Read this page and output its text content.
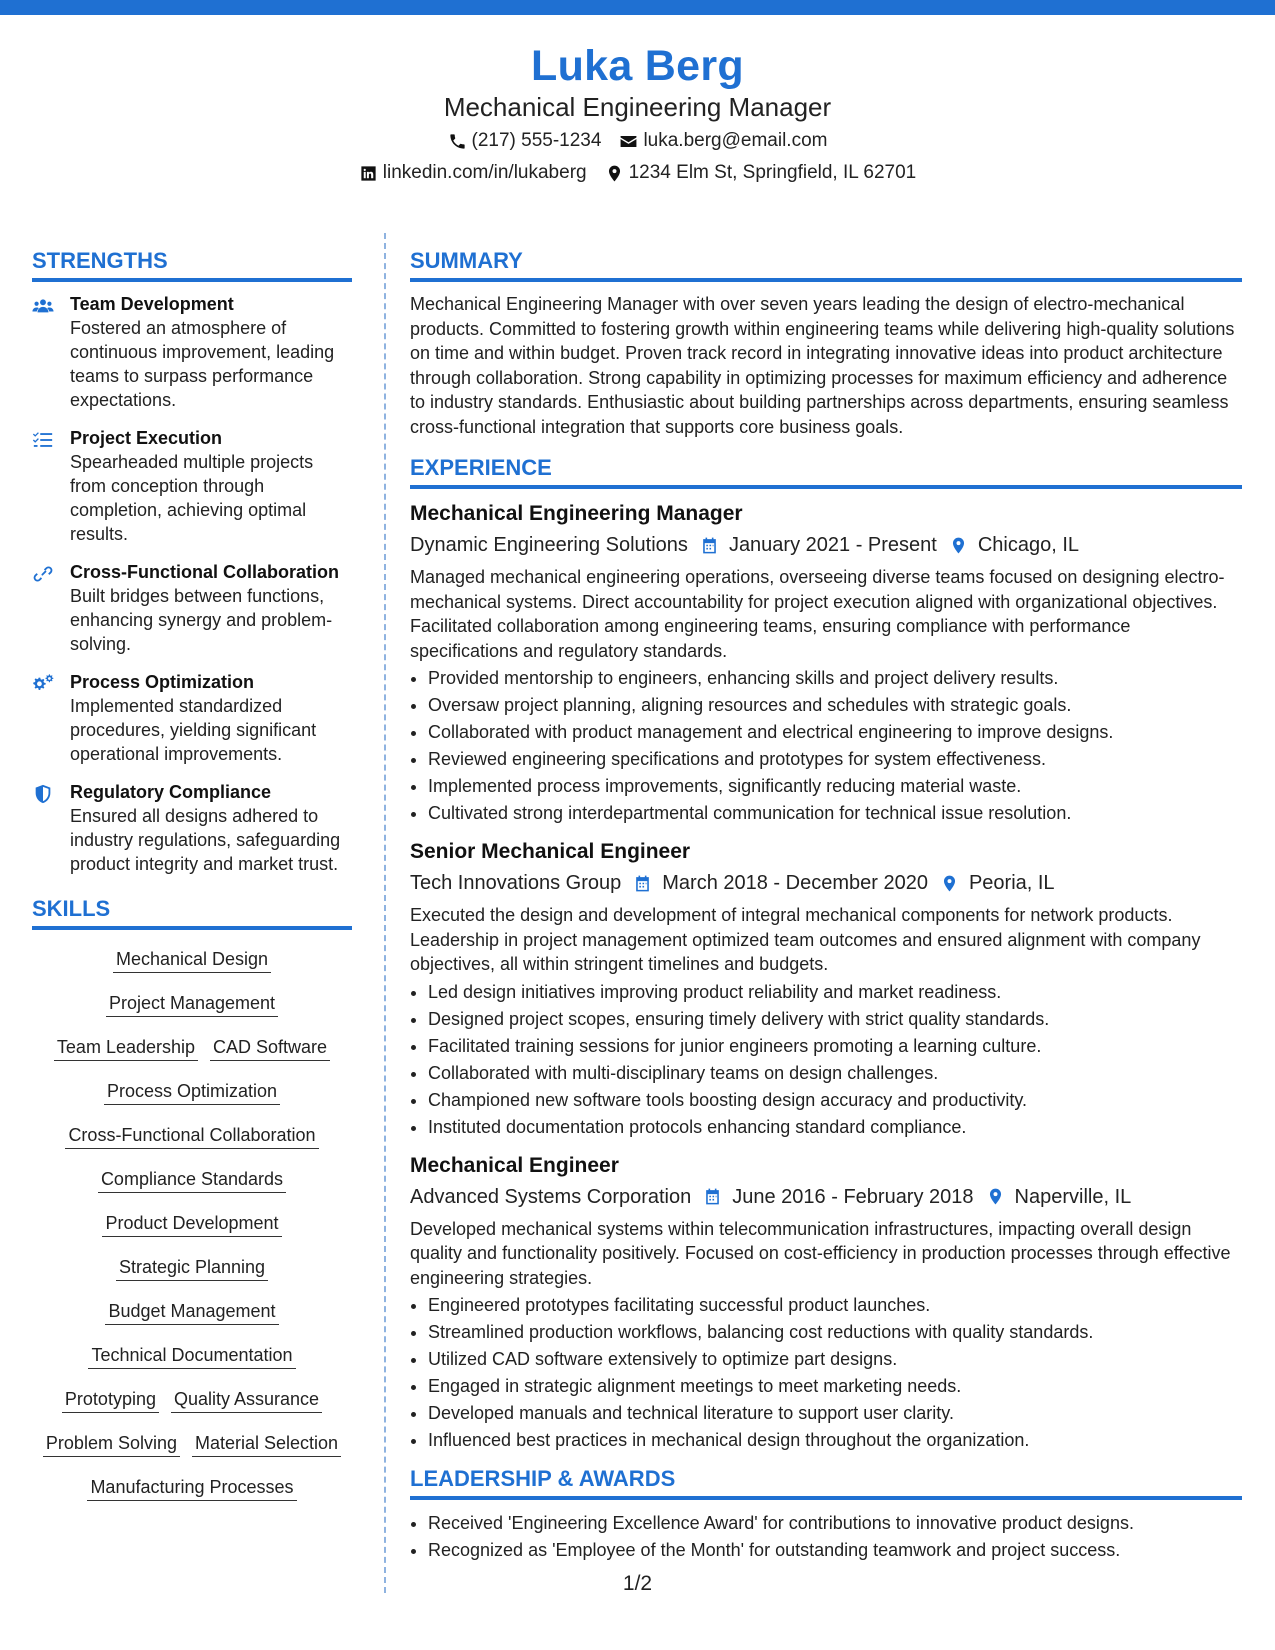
Luka Berg
Mechanical Engineering Manager
(217) 555-1234 luka.berg@email.com
linkedin.com/in/lukaberg 1234 Elm St, Springfield, IL 62701
STRENGTHS
Team Development
Fostered an atmosphere of continuous improvement, leading teams to surpass performance expectations.
Project Execution
Spearheaded multiple projects from conception through completion, achieving optimal results.
Cross-Functional Collaboration
Built bridges between functions, enhancing synergy and problem-solving.
Process Optimization
Implemented standardized procedures, yielding significant operational improvements.
Regulatory Compliance
Ensured all designs adhered to industry regulations, safeguarding product integrity and market trust.
SKILLS
Mechanical Design
Project Management
Team Leadership CAD Software
Process Optimization
Cross-Functional Collaboration
Compliance Standards
Product Development
Strategic Planning
Budget Management
Technical Documentation
Prototyping Quality Assurance
Problem Solving Material Selection
Manufacturing Processes
SUMMARY
Mechanical Engineering Manager with over seven years leading the design of electro-mechanical products. Committed to fostering growth within engineering teams while delivering high-quality solutions on time and within budget. Proven track record in integrating innovative ideas into product architecture through collaboration. Strong capability in optimizing processes for maximum efficiency and adherence to industry standards. Enthusiastic about building partnerships across departments, ensuring seamless cross-functional integration that supports core business goals.
EXPERIENCE
Mechanical Engineering Manager
Dynamic Engineering Solutions January 2021 - Present Chicago, IL
Managed mechanical engineering operations, overseeing diverse teams focused on designing electro-mechanical systems. Direct accountability for project execution aligned with organizational objectives. Facilitated collaboration among engineering teams, ensuring compliance with performance specifications and regulatory standards.
• Provided mentorship to engineers, enhancing skills and project delivery results.
• Oversaw project planning, aligning resources and schedules with strategic goals.
• Collaborated with product management and electrical engineering to improve designs.
• Reviewed engineering specifications and prototypes for system effectiveness.
• Implemented process improvements, significantly reducing material waste.
• Cultivated strong interdepartmental communication for technical issue resolution.
Senior Mechanical Engineer
Tech Innovations Group March 2018 - December 2020 Peoria, IL
Executed the design and development of integral mechanical components for network products. Leadership in project management optimized team outcomes and ensured alignment with company objectives, all within stringent timelines and budgets.
• Led design initiatives improving product reliability and market readiness.
• Designed project scopes, ensuring timely delivery with strict quality standards.
• Facilitated training sessions for junior engineers promoting a learning culture.
• Collaborated with multi-disciplinary teams on design challenges.
• Championed new software tools boosting design accuracy and productivity.
• Instituted documentation protocols enhancing standard compliance.
Mechanical Engineer
Advanced Systems Corporation June 2016 - February 2018 Naperville, IL
Developed mechanical systems within telecommunication infrastructures, impacting overall design quality and functionality positively. Focused on cost-efficiency in production processes through effective engineering strategies.
• Engineered prototypes facilitating successful product launches.
• Streamlined production workflows, balancing cost reductions with quality standards.
• Utilized CAD software extensively to optimize part designs.
• Engaged in strategic alignment meetings to meet marketing needs.
• Developed manuals and technical literature to support user clarity.
• Influenced best practices in mechanical design throughout the organization.
LEADERSHIP & AWARDS
• Received 'Engineering Excellence Award' for contributions to innovative product designs.
• Recognized as 'Employee of the Month' for outstanding teamwork and project success.
1/2
